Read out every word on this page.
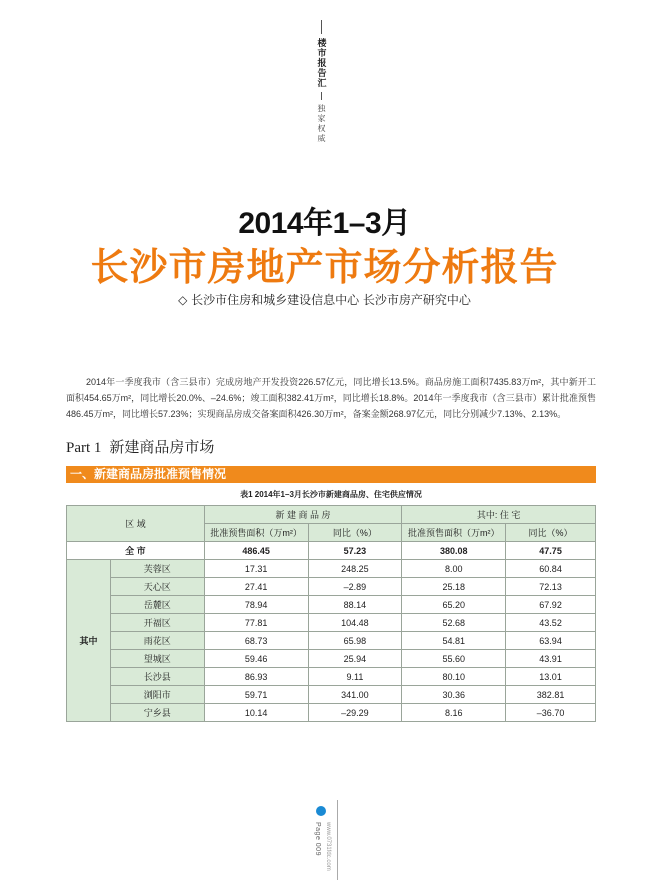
楼市报告汇
独家权威
2014年1–3月
长沙市房地产市场分析报告
◇ 长沙市住房和城乡建设信息中心 长沙市房产研究中心

2014年一季度我市（含三县市）完成房地产开发投资226.57亿元，同比增长13.5%。商品房施工面积7435.83万m²，其中新开工面积454.65万m²，同比增长20.0%、–24.6%；竣工面积382.41万m²，同比增长18.8%。2014年一季度我市（含三县市）累计批准预售486.45万m²，同比增长57.23%；实现商品房成交备案面积426.30万m²，备案金额268.97亿元，同比分别减少7.13%、2.13%。

Part 1 新建商品房市场
一、新建商品房批准预售情况
表1 2014年1–3月长沙市新建商品房、住宅供应情况
区 域		新 建 商 品 房		其中: 住 宅	
		批准预售面积（万m²）	同比（%）	批准预售面积（万m²）	同比（%）
全 市		486.45	57.23	380.08	47.75
其中	芙蓉区	17.31	248.25	8.00	60.84
	天心区	27.41	–2.89	25.18	72.13
	岳麓区	78.94	88.14	65.20	67.92
	开福区	77.81	104.48	52.68	43.52
	雨花区	68.73	65.98	54.81	63.94
	望城区	59.46	25.94	55.60	43.91
	长沙县	86.93	9.11	80.10	13.01
	浏阳市	59.71	341.00	30.36	382.81
	宁乡县	10.14	–29.29	8.16	–36.70
Page 009 www.0731fdc.com
